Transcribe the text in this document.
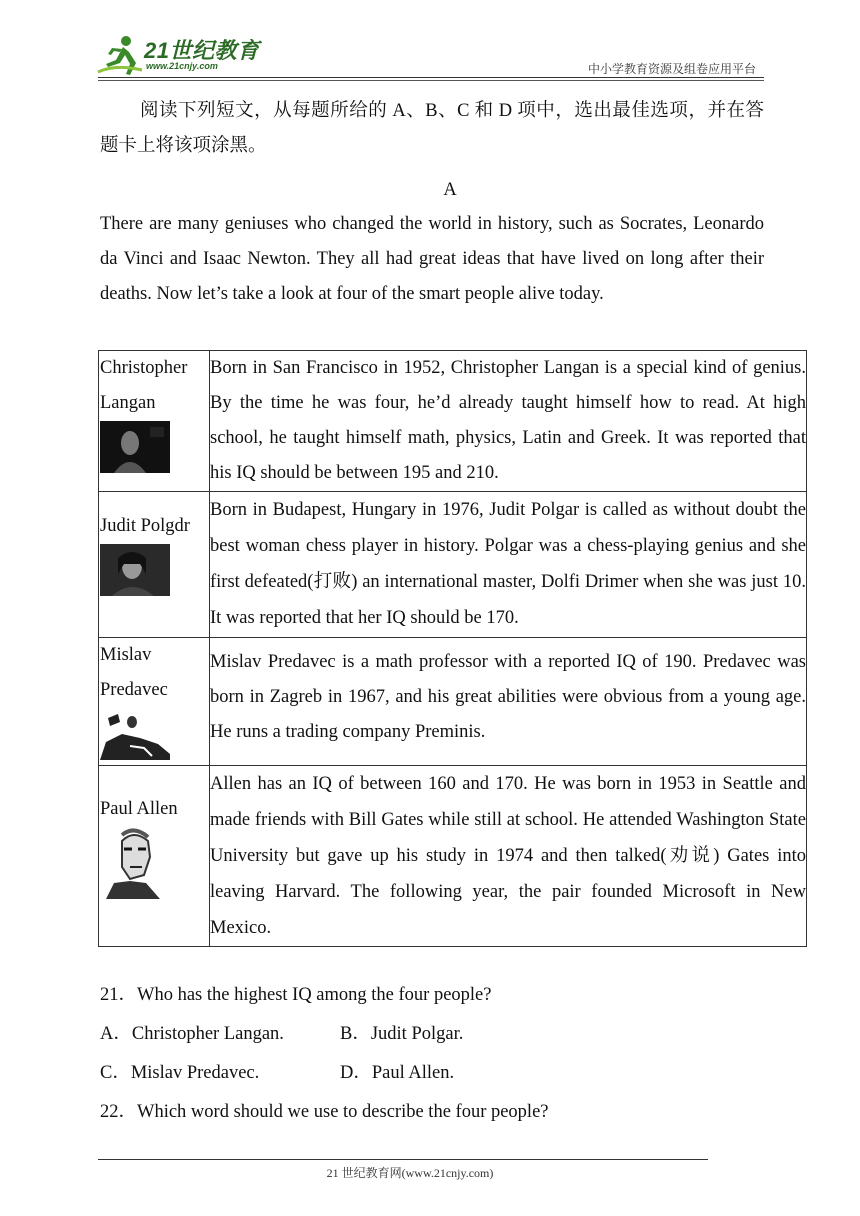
21世纪教育
www.21cnjy.com	中小学教育资源及组卷应用平台
阅读下列短文，从每题所给的 A、B、C 和 D 项中，选出最佳选项，并在答题卡上将该项涂黑。
A
There are many geniuses who changed the world in history, such as Socrates, Leonardo da Vinci and Isaac Newton. They all had great ideas that have lived on long after their deaths. Now let’s take a look at four of the smart people alive today.
Christopher Langan	Born in San Francisco in 1952, Christopher Langan is a special kind of genius. By the time he was four, he’d already taught himself how to read. At high school, he taught himself math, physics, Latin and Greek. It was reported that his IQ should be between 195 and 210.

Judit Polgdr	Born in Budapest, Hungary in 1976, Judit Polgar is called as without doubt the best woman chess player in history. Polgar was a chess-playing genius and she first defeated(打败) an international master, Dolfi Drimer when she was just 10. It was reported that her IQ should be 170.

Mislav Predavec	Mislav Predavec is a math professor with a reported IQ of 190. Predavec was born in Zagreb in 1967, and his great abilities were obvious from a young age. He runs a trading company Preminis.

Paul Allen	Allen has an IQ of between 160 and 170. He was born in 1953 in Seattle and made friends with Bill Gates while still at school. He attended Washington State University but gave up his study in 1974 and then talked(劝说) Gates into leaving Harvard. The following year, the pair founded Microsoft in New Mexico.
21．Who has the highest IQ among the four people?
A．Christopher Langan.	B．Judit Polgar.
C．Mislav Predavec.	D．Paul Allen.
22．Which word should we use to describe the four people?
21 世纪教育网(www.21cnjy.com)
